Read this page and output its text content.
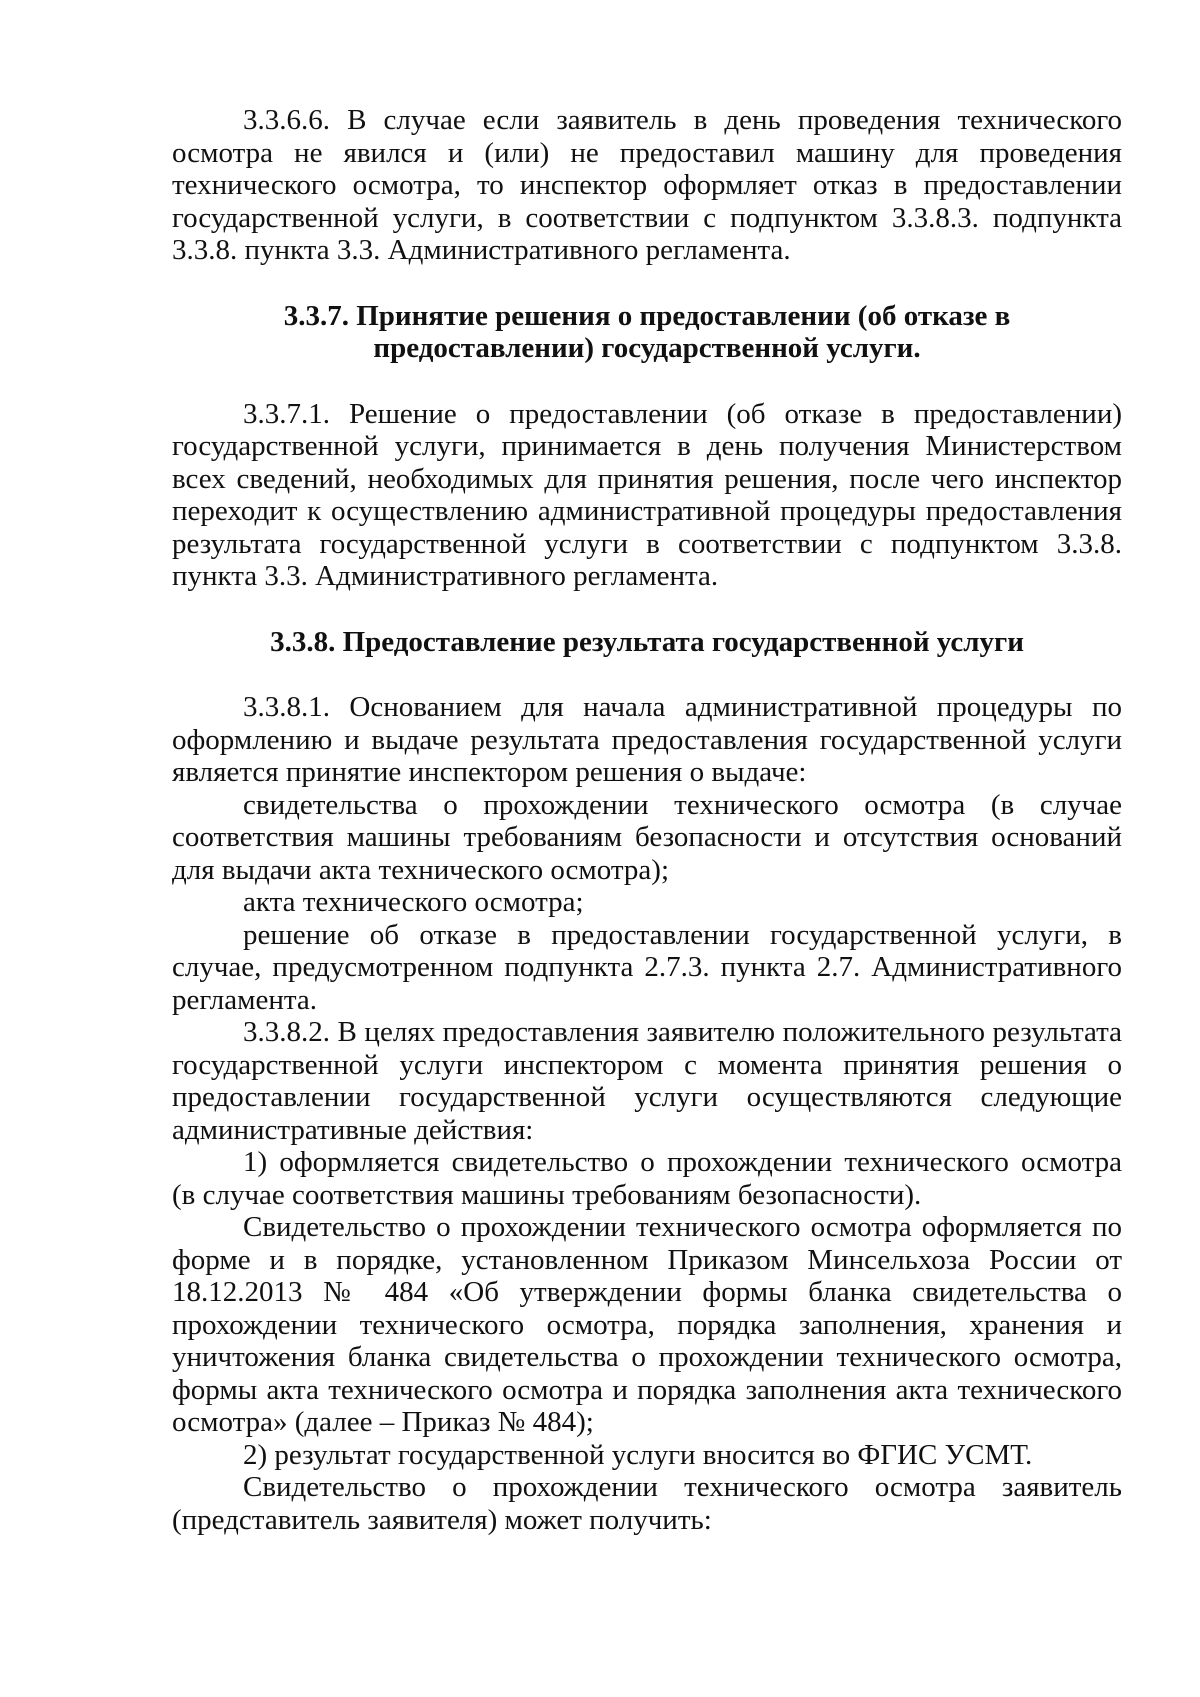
3.3.6.6. В случае если заявитель в день проведения технического осмотра не явился и (или) не предоставил машину для проведения технического осмотра, то инспектор оформляет отказ в предоставлении государственной услуги, в соответствии с подпунктом 3.3.8.3. подпункта 3.3.8. пункта 3.3. Административного регламента.

3.3.7. Принятие решения о предоставлении (об отказе в предоставлении) государственной услуги.

3.3.7.1. Решение о предоставлении (об отказе в предоставлении) государственной услуги, принимается в день получения Министерством всех сведений, необходимых для принятия решения, после чего инспектор переходит к осуществлению административной процедуры предоставления результата государственной услуги в соответствии с подпунктом 3.3.8. пункта 3.3. Административного регламента.

3.3.8. Предоставление результата государственной услуги

3.3.8.1. Основанием для начала административной процедуры по оформлению и выдаче результата предоставления государственной услуги является принятие инспектором решения о выдаче:

свидетельства о прохождении технического осмотра (в случае соответствия машины требованиям безопасности и отсутствия оснований для выдачи акта технического осмотра);

акта технического осмотра;

решение об отказе в предоставлении государственной услуги, в случае, предусмотренном подпункта 2.7.3. пункта 2.7. Административного регламента.

3.3.8.2. В целях предоставления заявителю положительного результата государственной услуги инспектором с момента принятия решения о предоставлении государственной услуги осуществляются следующие административные действия:

1) оформляется свидетельство о прохождении технического осмотра (в случае соответствия машины требованиям безопасности).

Свидетельство о прохождении технического осмотра оформляется по форме и в порядке, установленном Приказом Минсельхоза России от 18.12.2013 № 484 «Об утверждении формы бланка свидетельства о прохождении технического осмотра, порядка заполнения, хранения и уничтожения бланка свидетельства о прохождении технического осмотра, формы акта технического осмотра и порядка заполнения акта технического осмотра» (далее – Приказ № 484);

2) результат государственной услуги вносится во ФГИС УСМТ.

Свидетельство о прохождении технического осмотра заявитель (представитель заявителя) может получить:
